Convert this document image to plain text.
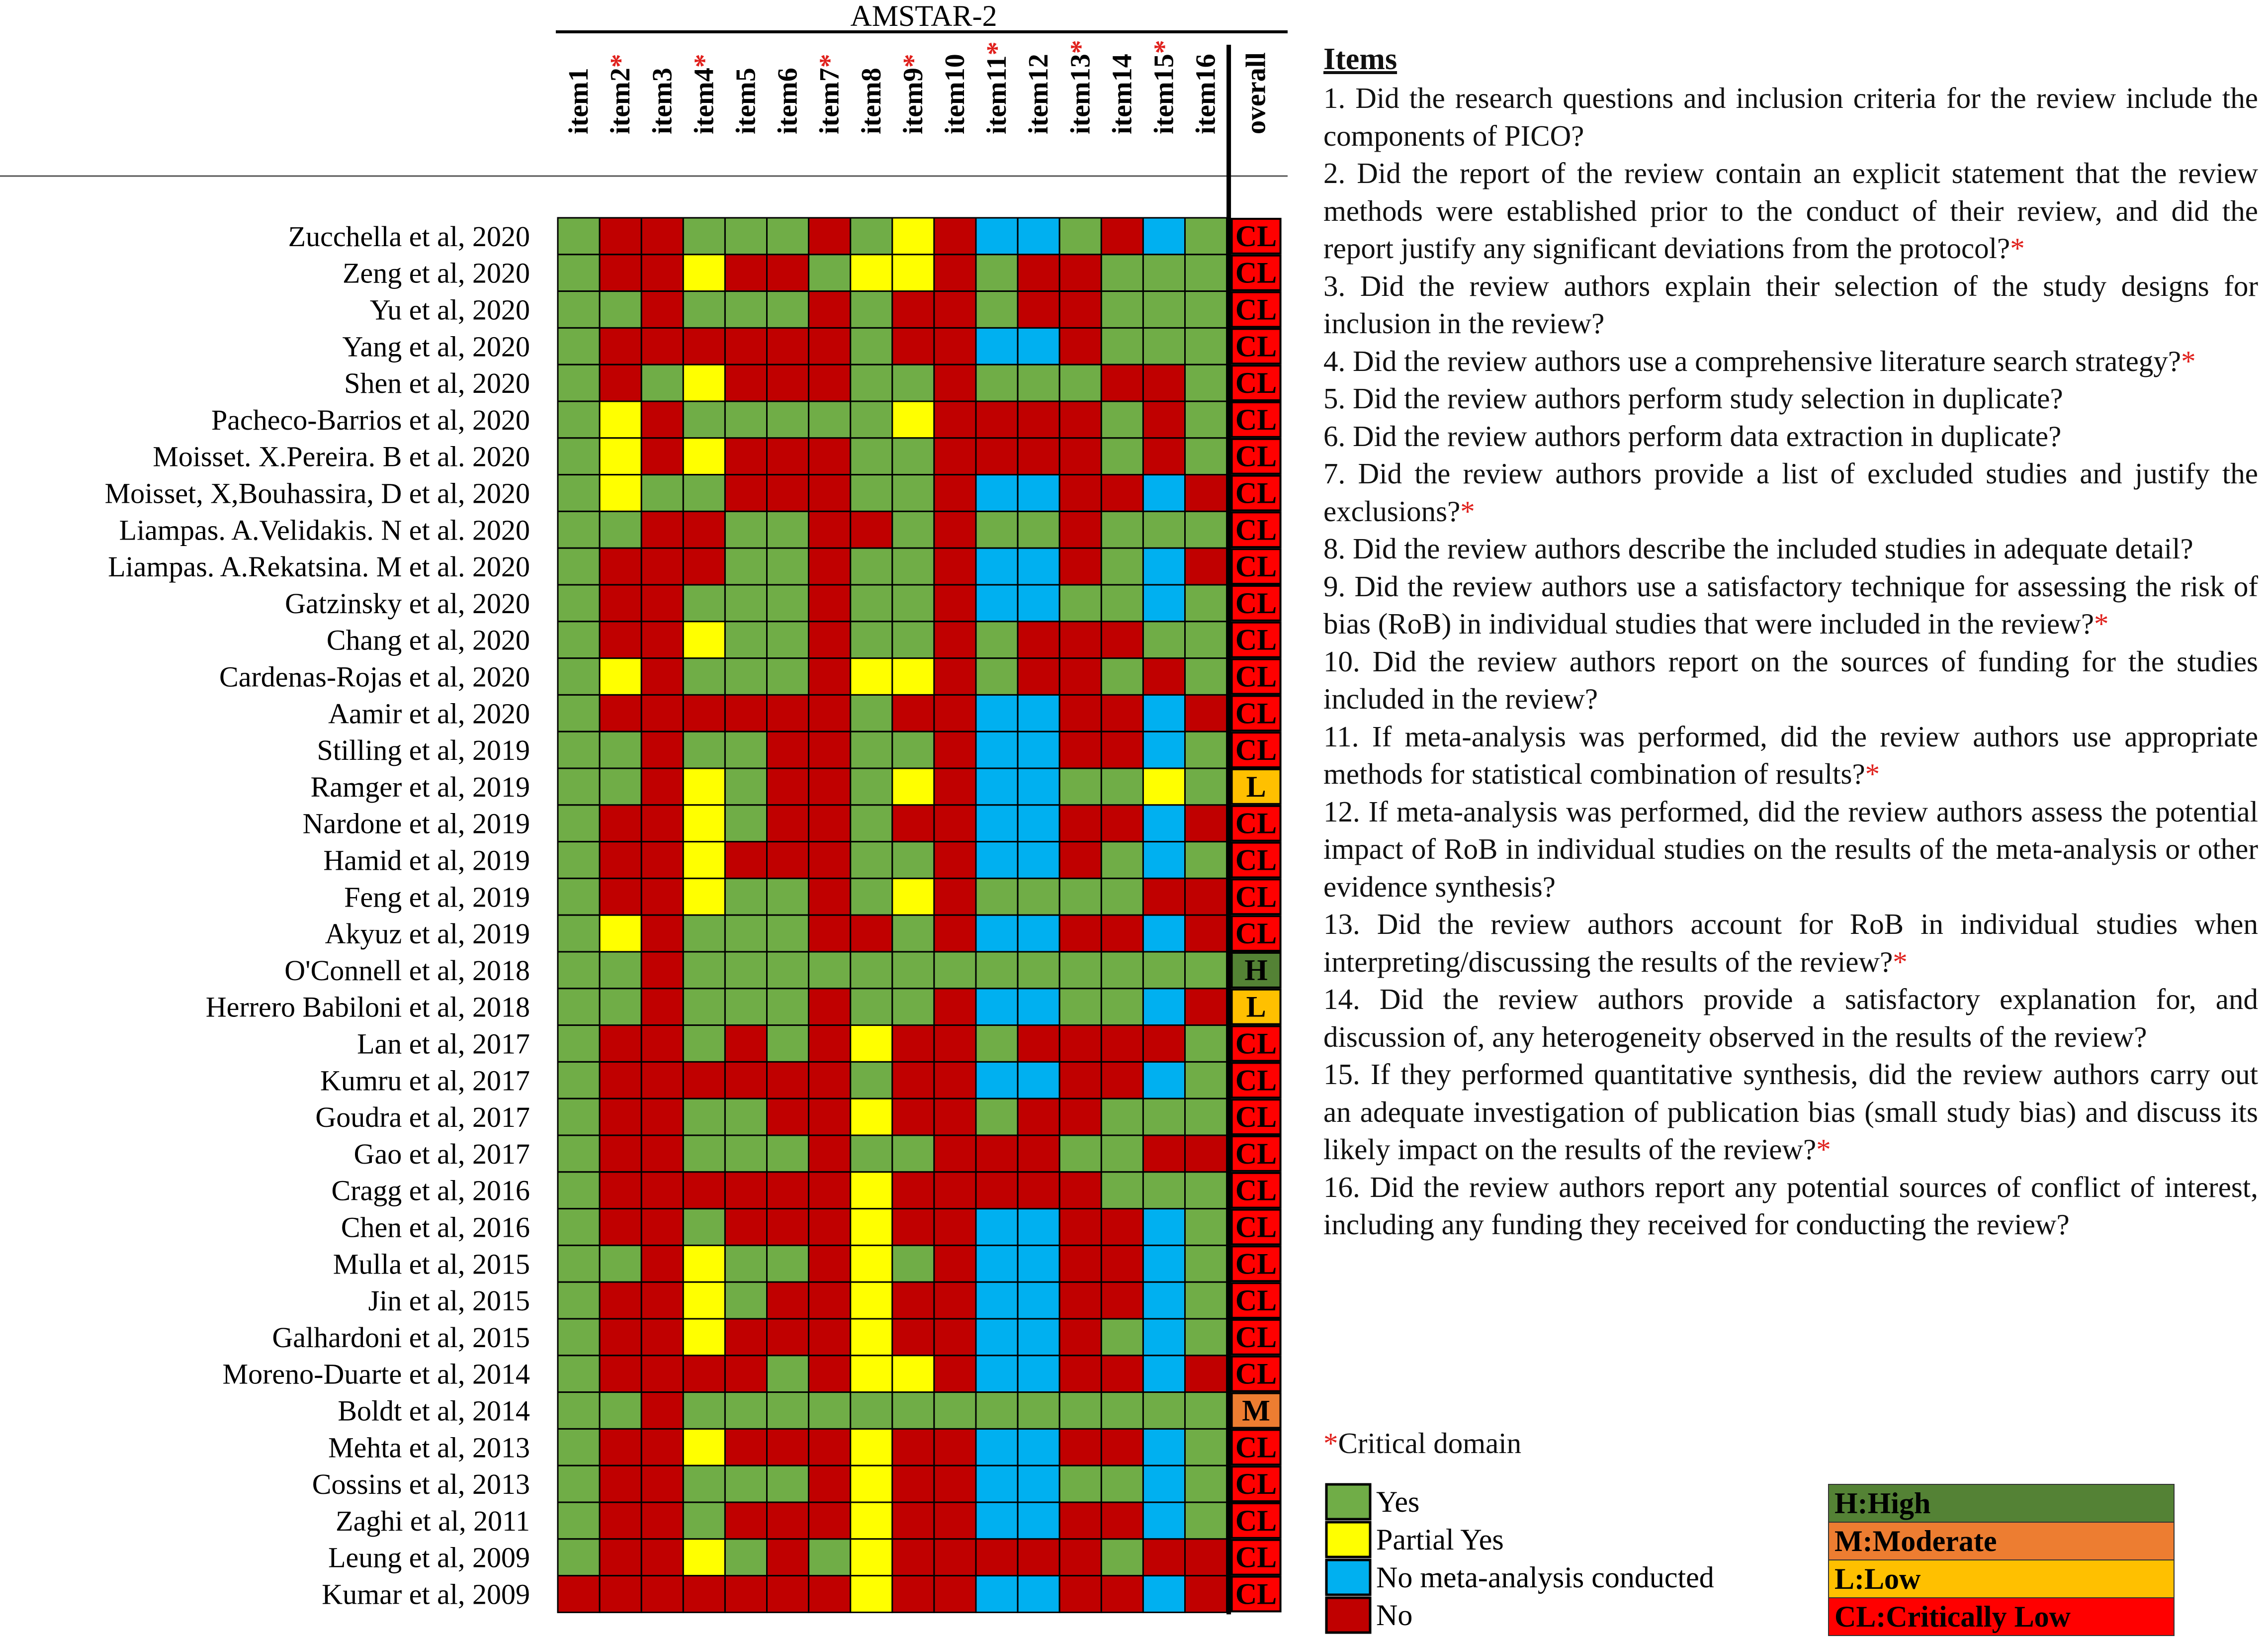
AMSTAR-2
item1 item2*
item3 item4*
item5 item6 item7*
item8 item9* item10 item11*
item12 item13*
item14 item15*
item16 overall
Zucchella et al, 2020
Zeng et al, 2020
Yu et al, 2020
Yang et al, 2020
Shen et al, 2020
Pacheco-Barrios et al, 2020
Moisset. X.Pereira. B et al. 2020
Moisset, X,Bouhassira, D et al, 2020
Liampas. A.Velidakis. N et al. 2020
Liampas. A.Rekatsina. M et al. 2020
Gatzinsky et al, 2020
Chang et al, 2020
Cardenas-Rojas et al, 2020
Aamir et al, 2020
Stilling et al, 2019
Ramger et al, 2019
Nardone et al, 2019
Hamid et al, 2019
Feng et al, 2019
Akyuz et al, 2019
O'Connell et al, 2018
Herrero Babiloni et al, 2018
Lan et al, 2017
Kumru et al, 2017
Goudra et al, 2017
Gao et al, 2017
Cragg et al, 2016
Chen et al, 2016
Mulla et al, 2015
Jin et al, 2015
Galhardoni et al, 2015
Moreno-Duarte et al, 2014
Boldt et al, 2014
Mehta et al, 2013
Cossins et al, 2013
Zaghi et al, 2011
Leung et al, 2009
Kumar et al, 2009
CL
CL
CL
CL
CL
CL
CL
CL
CL
CL
CL
CL
CL
CL
CL
L
CL
CL
CL
CL
H
L
CL
CL
CL
CL
CL
CL
CL
CL
CL
CL
M
CL
CL
CL
CL
CL
Yes
Partial Yes
No meta-analysis conducted
No
H:High
M:Moderate
L:Low
CL:Critically Low
Items
1. Did the research questions and inclusion criteria for the review include the components of PICO?
2. Did the report of the review contain an explicit statement that the review methods were established prior to the conduct of their review, and did the report justify any significant deviations from the protocol?*
3. Did the review authors explain their selection of the study designs for inclusion in the review?
4. Did the review authors use a comprehensive literature search strategy?*
5. Did the review authors perform study selection in duplicate?
6. Did the review authors perform data extraction in duplicate?
7. Did the review authors provide a list of excluded studies and justify the exclusions?*
8. Did the review authors describe the included studies in adequate detail?
9. Did the review authors use a satisfactory technique for assessing the risk of bias (RoB) in individual studies that were included in the review?*
10. Did the review authors report on the sources of funding for the studies included in the review?
11. If meta-analysis was performed, did the review authors use appropriate methods for statistical combination of results?*
12. If meta-analysis was performed, did the review authors assess the potential impact of RoB in individual studies on the results of the meta-analysis or other evidence synthesis?
13. Did the review authors account for RoB in individual studies when interpreting/discussing the results of the review?*
14. Did the review authors provide a satisfactory explanation for, and discussion of, any heterogeneity observed in the results of the review?
15. If they performed quantitative synthesis, did the review authors carry out an adequate investigation of publication bias (small study bias) and discuss its likely impact on the results of the review?*
16. Did the review authors report any potential sources of conflict of interest, including any funding they received for conducting the review?
*Critical domain
